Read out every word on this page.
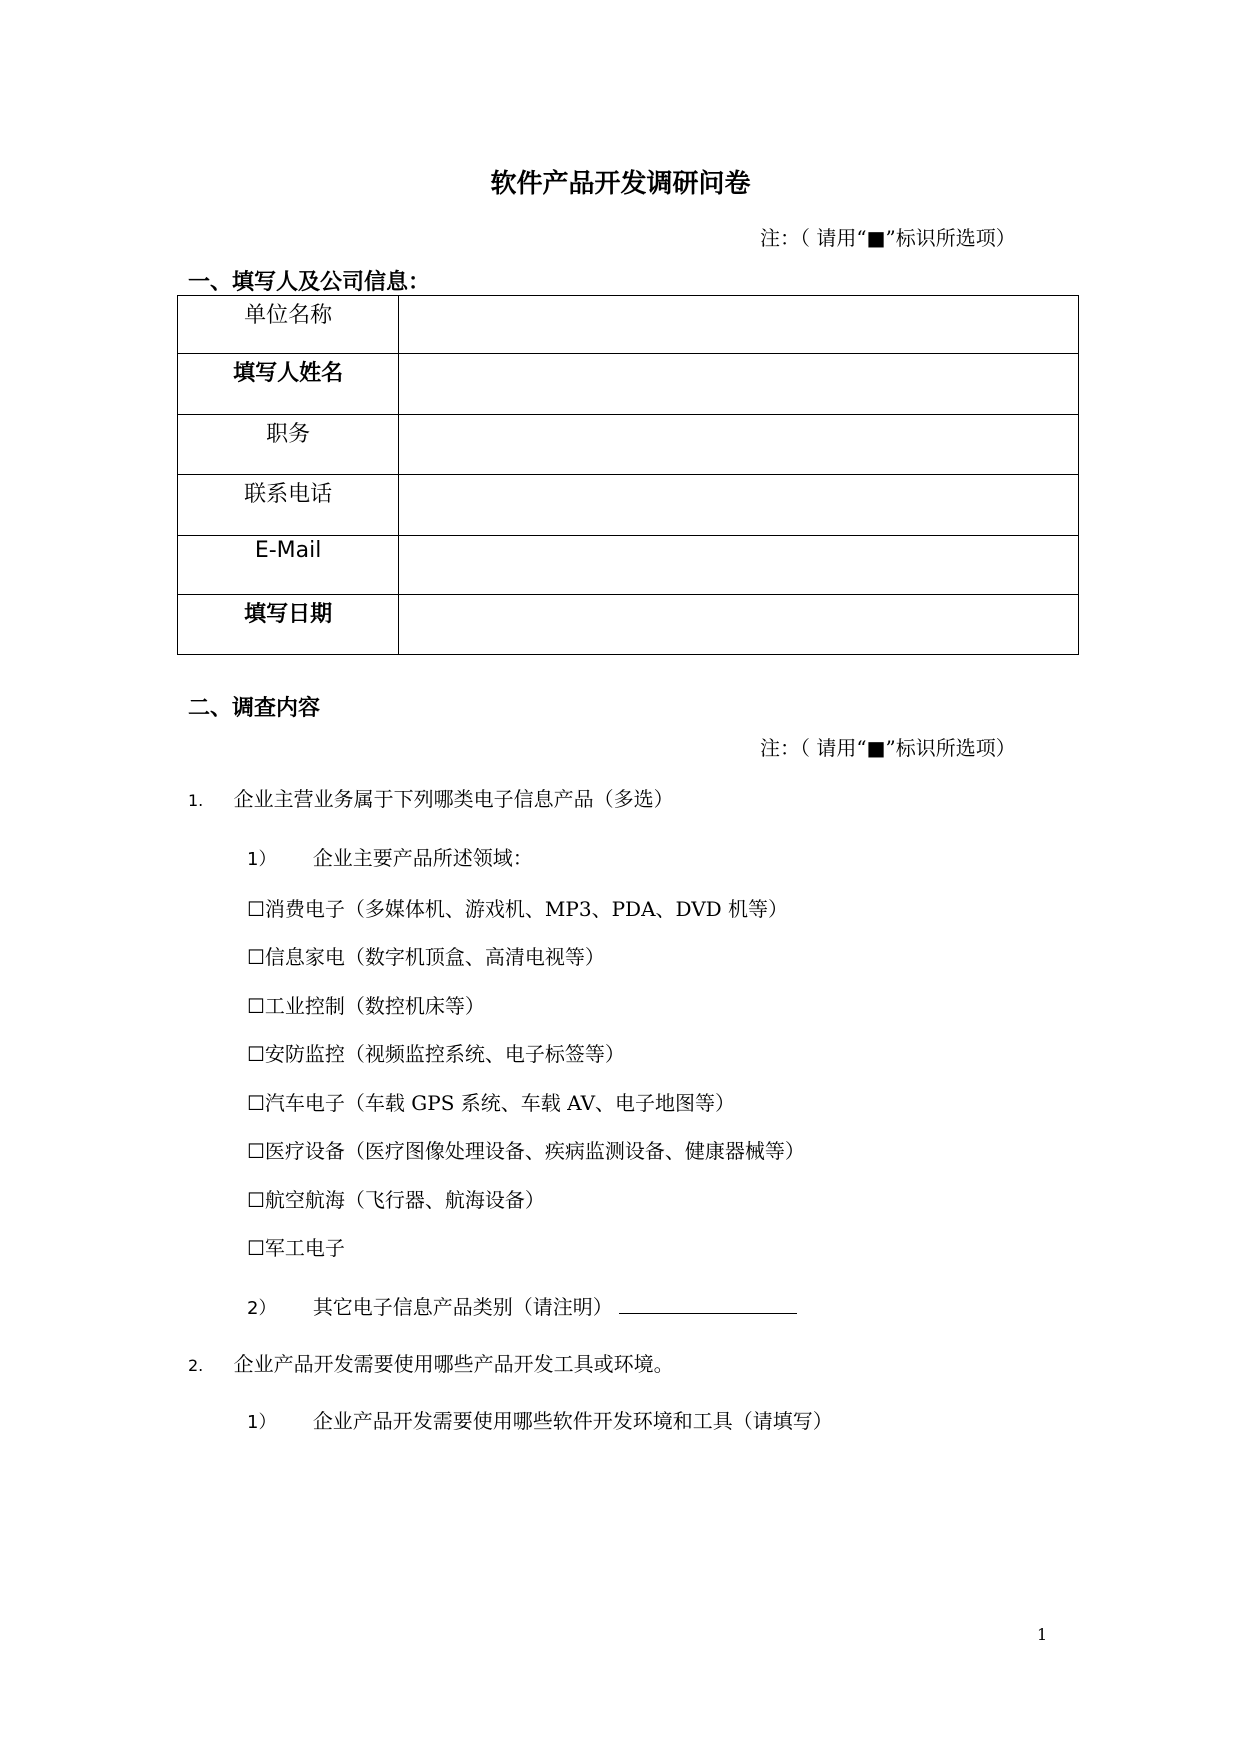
软件产品开发调研问卷
注：（ 请用“■”标识所选项）
一、填写人及公司信息：
单位名称	
填写人姓名	
职务	
联系电话	
E-Mail	
填写日期	
二、调查内容
注：（ 请用“■”标识所选项）
1. 企业主营业务属于下列哪类电子信息产品（多选）
1） 企业主要产品所述领域：
☐消费电子（多媒体机、游戏机、MP3、PDA、DVD 机等）
☐信息家电（数字机顶盒、高清电视等）
☐工业控制（数控机床等）
☐安防监控（视频监控系统、电子标签等）
☐汽车电子（车载 GPS 系统、车载 AV、电子地图等）
☐医疗设备（医疗图像处理设备、疾病监测设备、健康器械等）
☐航空航海（飞行器、航海设备）
☐军工电子
2） 其它电子信息产品类别（请注明）
2. 企业产品开发需要使用哪些产品开发工具或环境。
1） 企业产品开发需要使用哪些软件开发环境和工具（请填写）
1
